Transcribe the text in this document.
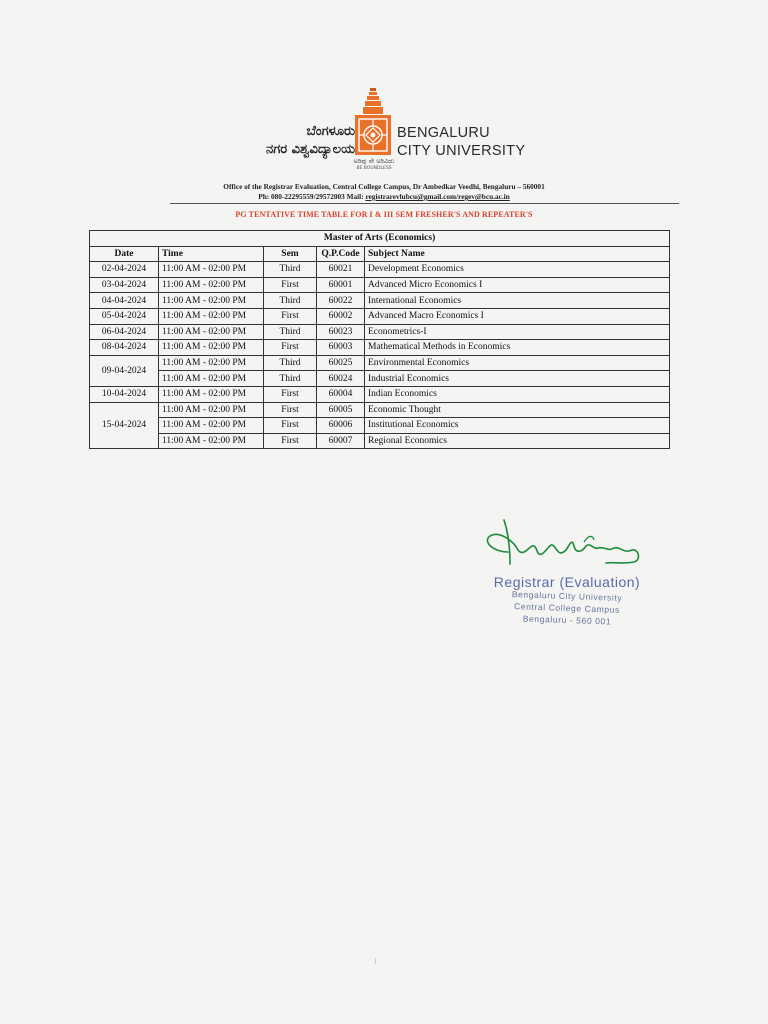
ಬೆಂಗಳೂರು
ನಗರ ವಿಶ್ವವಿದ್ಯಾಲಯ
BENGALURU
CITY UNIVERSITY
ಅರಿವು ಸೇ ಅರಿವಿದು
BE BOUNDLESS
Office of the Registrar Evaluation, Central College Campus, Dr Ambedkar Veedhi, Bengaluru – 560001
Ph: 080-22295559/29572003 Mail: registrarevlubcu@gmail.com/regev@bcu.ac.in
PG TENTATIVE TIME TABLE FOR I & III SEM FRESHER'S AND REPEATER'S
Master of Arts (Economics)				
Date	Time	Sem	Q.P.Code	Subject Name
02-04-2024	11:00 AM - 02:00 PM	Third	60021	Development Economics
03-04-2024	11:00 AM - 02:00 PM	First	60001	Advanced Micro Economics I
04-04-2024	11:00 AM - 02:00 PM	Third	60022	International Economics
05-04-2024	11:00 AM - 02:00 PM	First	60002	Advanced Macro Economics I
06-04-2024	11:00 AM - 02:00 PM	Third	60023	Econometrics-I
08-04-2024	11:00 AM - 02:00 PM	First	60003	Mathematical Methods in Economics
09-04-2024	11:00 AM - 02:00 PM	Third	60025	Environmental Economics
	11:00 AM - 02:00 PM	Third	60024	Industrial Economics
10-04-2024	11:00 AM - 02:00 PM	First	60004	Indian Economics
15-04-2024	11:00 AM - 02:00 PM	First	60005	Economic Thought
	11:00 AM - 02:00 PM	First	60006	Institutional Economics
	11:00 AM - 02:00 PM	First	60007	Regional Economics
Registrar (Evaluation)
Bengaluru City University
Central College Campus
Bengaluru - 560 001
